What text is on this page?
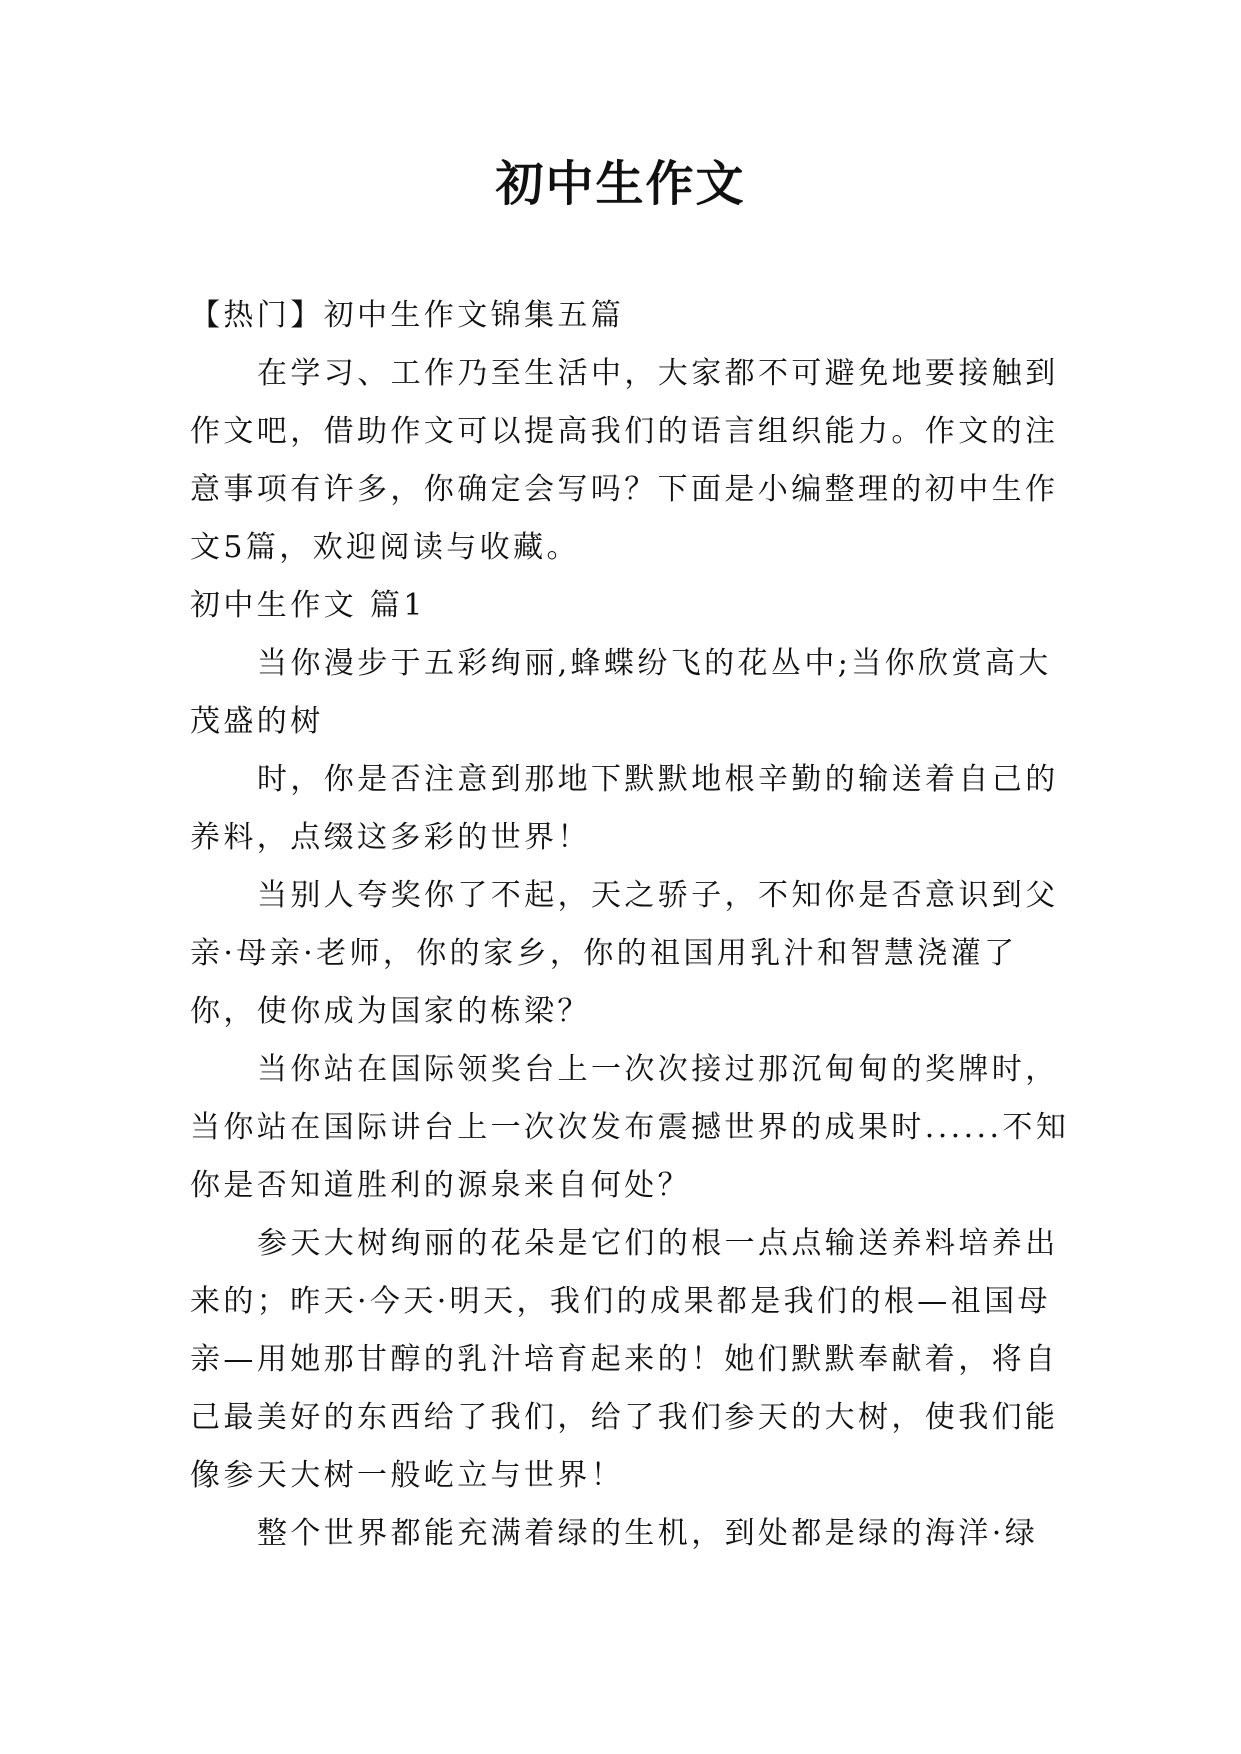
初中生作文

【热门】初中生作文锦集五篇

在学习、工作乃至生活中，大家都不可避免地要接触到作文吧，借助作文可以提高我们的语言组织能力。作文的注意事项有许多，你确定会写吗？下面是小编整理的初中生作文5篇，欢迎阅读与收藏。

初中生作文 篇1

当你漫步于五彩绚丽,蜂蝶纷飞的花丛中;当你欣赏高大茂盛的树

时，你是否注意到那地下默默地根辛勤的输送着自己的养料，点缀这多彩的世界！

当别人夸奖你了不起，天之骄子，不知你是否意识到父亲·母亲·老师，你的家乡，你的祖国用乳汁和智慧浇灌了你，使你成为国家的栋梁？

当你站在国际领奖台上一次次接过那沉甸甸的奖牌时，当你站在国际讲台上一次次发布震撼世界的成果时......不知你是否知道胜利的源泉来自何处？

参天大树绚丽的花朵是它们的根一点点输送养料培养出来的；昨天·今天·明天，我们的成果都是我们的根—祖国母亲—用她那甘醇的乳汁培育起来的！她们默默奉献着，将自己最美好的东西给了我们，给了我们参天的大树，使我们能像参天大树一般屹立与世界！

整个世界都能充满着绿的生机，到处都是绿的海洋·绿
